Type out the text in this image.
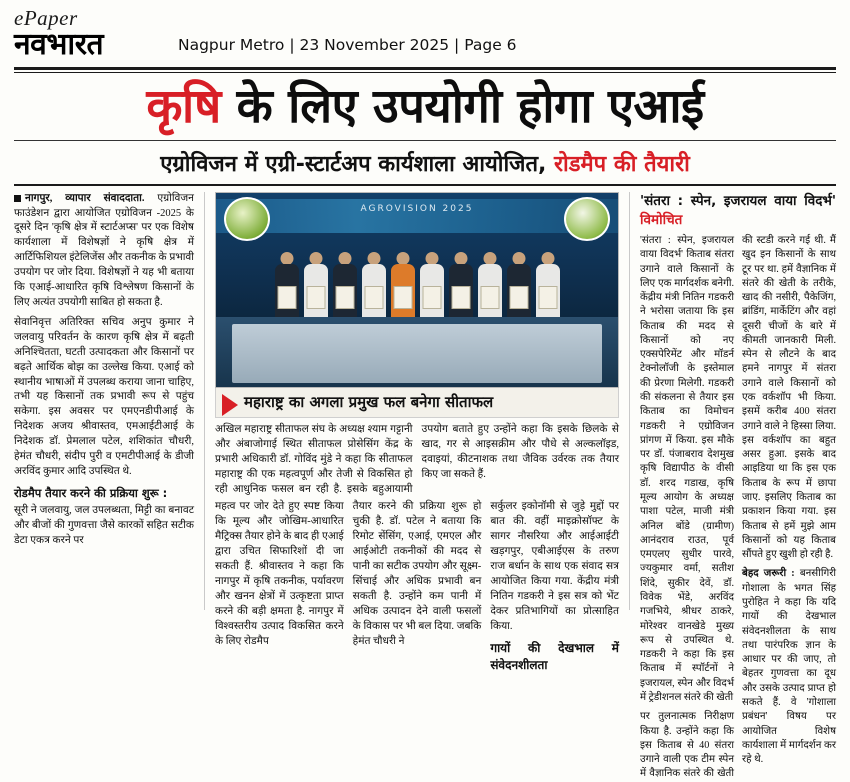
ePaper
नवभारत	Nagpur Metro | 23 November 2025 | Page 6
कृषि के लिए उपयोगी होगा एआई
एग्रोविजन में एग्री-स्टार्टअप कार्यशाला आयोजित, रोडमैप की तैयारी

नागपुर, व्यापार संवाददाता. एग्रोविजन फाउंडेशन द्वारा आयोजित एग्रोविजन -2025 के दूसरे दिन 'कृषि क्षेत्र में स्टार्टअप्स' पर एक विशेष कार्यशाला में विशेषज्ञों ने कृषि क्षेत्र में आर्टिफिशियल इंटेलिजेंस और तकनीक के प्रभावी उपयोग पर जोर दिया. विशेषज्ञों ने यह भी बताया कि एआई-आधारित कृषि विश्लेषण किसानों के लिए अत्यंत उपयोगी साबित हो सकता है.

सेवानिवृत्त अतिरिक्त सचिव अनुप कुमार ने जलवायु परिवर्तन के कारण कृषि क्षेत्र में बढ़ती अनिश्चितता, घटती उत्पादकता और किसानों पर बढ़ते आर्थिक बोझ का उल्लेख किया. एआई को स्थानीय भाषाओं में उपलब्ध कराया जाना चाहिए, तभी यह किसानों तक प्रभावी रूप से पहुंच सकेगा. इस अवसर पर एमएनडीपीआई के निदेशक अजय श्रीवास्तव, एमआईटीआई के निदेशक डॉ. प्रेमलाल पटेल, शशिकांत चौधरी, हेमंत चौधरी, संदीप पुरी व एमटीपीआई के डीजी अरविंद कुमार आदि उपस्थित थे.

रोडमैप तैयार करने की प्रक्रिया शुरू :

सूरी ने जलवायु, जल उपलब्धता, मिट्टी का बनावट और बीजों की गुणवत्ता जैसे कारकों सहित सटीक डेटा एकत्र करने पर

AGROVISION 2025
महाराष्ट्र का अगला प्रमुख फल बनेगा सीताफल

अखिल महाराष्ट्र सीताफल संघ के अध्यक्ष श्याम गट्टानी और अंबाजोगाई स्थित सीताफल प्रोसेसिंग केंद्र के प्रभारी अधिकारी डॉ. गोविंद मुंडे ने कहा कि सीताफल महाराष्ट्र की एक महत्वपूर्ण और तेजी से विकसित हो रही आधुनिक फसल बन रही है. इसके बहुआयामी उपयोग बताते हुए उन्होंने कहा कि इसके छिलके से खाद, गर से आइसक्रीम और पौधे से अल्कलॉइड, दवाइयां, कीटनाशक तथा जैविक उर्वरक तक तैयार किए जा सकते हैं.

महत्व पर जोर देते हुए स्पष्ट किया कि मूल्य और जोखिम-आधारित मैट्रिक्स तैयार होने के बाद ही एआई द्वारा उचित सिफारिशों दी जा सकती हैं. श्रीवास्तव ने कहा कि नागपुर में कृषि तकनीक, पर्यावरण और खनन क्षेत्रों में उत्कृष्टता प्राप्त करने की बड़ी क्षमता है. नागपुर में विश्वस्तरीय उत्पाद विकसित करने के लिए रोडमैप

तैयार करने की प्रक्रिया शुरू हो चुकी है. डॉ. पटेल ने बताया कि रिमोट सेंसिंग, एआई, एमएल और आईओटी तकनीकों की मदद से पानी का सटीक उपयोग और सूक्ष्म-सिंचाई और अधिक प्रभावी बन सकती है. उन्होंने कम पानी में अधिक उत्पादन देने वाली फसलों के विकास पर भी बल दिया. जबकि हेमंत चौधरी ने

सर्कुलर इकोनॉमी से जुड़े मुद्दों पर बात की. वहीं माइक्रोसॉफ्ट के सागर नौसरिया और आईआईटी खड़गपुर, एबीआईएस के तरुण राज बर्धान के साथ एक संवाद सत्र आयोजित किया गया. केंद्रीय मंत्री नितिन गडकरी ने इस सत्र को भेंट देकर प्रतिभागियों का प्रोत्साहित किया.

गायों की देखभाल में संवेदनशीलता

'संतरा : स्पेन, इजरायल वाया विदर्भ' विमोचित

'संतरा : स्पेन, इजरायल वाया विदर्भ' किताब संतरा उगाने वाले किसानों के लिए एक मार्गदर्शक बनेगी. केंद्रीय मंत्री नितिन गडकरी ने भरोसा जताया कि इस किताब की मदद से किसानों को नए एक्सपेरिमेंट और मॉडर्न टेक्नोलॉजी के इस्तेमाल की प्रेरणा मिलेगी. गडकरी की संकलना से तैयार इस किताब का विमोचन गडकरी ने एग्रोविजन प्रांगण में किया. इस मौके पर डॉ. पंजाबराव देशमुख कृषि विद्यापीठ के वीसी डॉ. शरद गडाख, कृषि मूल्य आयोग के अध्यक्ष पाशा पटेल, माजी मंत्री अनिल बोंडे (ग्रामीण) आनंदराव राउत, पूर्व एमएलए सुधीर पारवे, ज्यकुमार वर्मा, सतीश शिंदे, सुकीर देवें, डॉ. विवेक भेंडे, अरविंद गजभिये, श्रीधर ठाकरे, मोरेश्वर वानखेडे मुख्य रूप से उपस्थित थे. गडकरी ने कहा कि इस किताब में स्पॉर्टनों ने इजरायल, स्पेन और विदर्भ में ट्रेडीशनल संतरे की खेती

पर तुलनात्मक निरीक्षण किया है. उन्होंने कहा कि इस किताब से 40 संतरा उगाने वाली एक टीम स्पेन में वैज्ञानिक संतरे की खेती की स्टडी करने गई थी. मैं खुद इन किसानों के साथ टूर पर था. हमें वैज्ञानिक में संतरे की खेती के तरीके, खाद की नसीरी, पैकेजिंग, ब्रांडिंग, मार्केटिंग और वहां दूसरी चीजों के बारे में कीमती जानकारी मिली. स्पेन से लौटने के बाद हमने नागपुर में संतरा उगाने वाले किसानों को एक वर्कशॉप भी किया. इसमें करीब 400 संतरा उगाने वाले ने हिस्सा लिया. इस वर्कशॉप का बहुत असर हुआ. इसके बाद आइडिया था कि इस एक किताब के रूप में छापा जाए. इसलिए किताब का प्रकाशन किया गया. इस किताब से हमें मुझे आम किसानों को यह किताब सौंपते हुए खुशी हो रही है.

बेहद जरूरी : बनसीगिरी गोशाला के भगत सिंह पुरोहित ने कहा कि यदि गायों की देखभाल संवेदनशीलता के साथ तथा पारंपरिक ज्ञान के आधार पर की जाए, तो बेहतर गुणवत्ता का दूध और उसके उत्पाद प्राप्त हो सकते हैं. वे 'गोशाला प्रबंधन' विषय पर आयोजित विशेष कार्यशाला में मार्गदर्शन कर रहे थे.
